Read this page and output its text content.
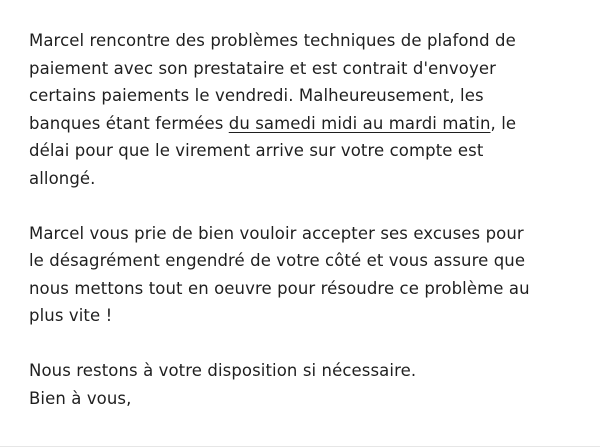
Marcel rencontre des problèmes techniques de plafond de
paiement avec son prestataire et est contrait d'envoyer
certains paiements le vendredi. Malheureusement, les
banques étant fermées du samedi midi au mardi matin, le
délai pour que le virement arrive sur votre compte est
allongé.

Marcel vous prie de bien vouloir accepter ses excuses pour
le désagrément engendré de votre côté et vous assure que
nous mettons tout en oeuvre pour résoudre ce problème au
plus vite !

Nous restons à votre disposition si nécessaire.
Bien à vous,
